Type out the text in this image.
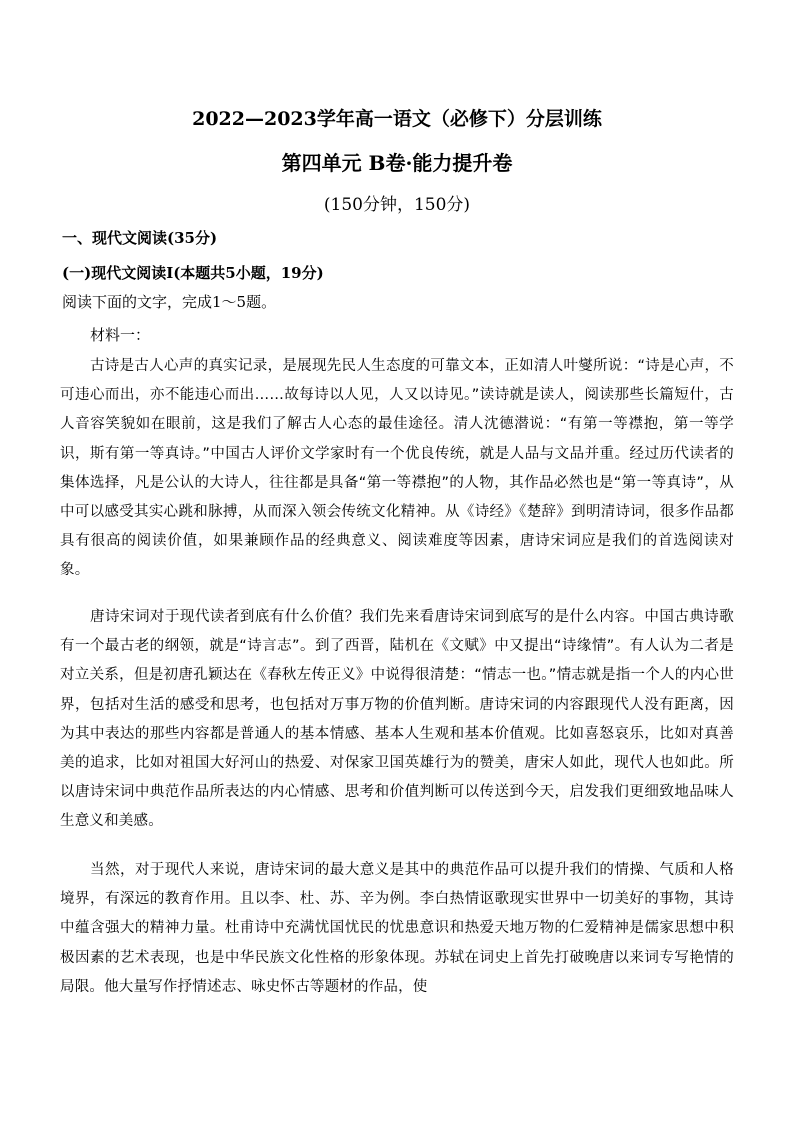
2022—2023学年高一语文（必修下）分层训练
第四单元 B卷·能力提升卷
(150分钟，150分)
一、现代文阅读(35分)
(一)现代文阅读Ⅰ(本题共5小题，19分)
阅读下面的文字，完成1～5题。
材料一：

古诗是古人心声的真实记录，是展现先民人生态度的可靠文本，正如清人叶燮所说：“诗是心声，不可违心而出，亦不能违心而出……故每诗以人见，人又以诗见。”读诗就是读人，阅读那些长篇短什，古人音容笑貌如在眼前，这是我们了解古人心态的最佳途径。清人沈德潜说：“有第一等襟抱，第一等学识，斯有第一等真诗。”中国古人评价文学家时有一个优良传统，就是人品与文品并重。经过历代读者的集体选择，凡是公认的大诗人，往往都是具备“第一等襟抱”的人物，其作品必然也是“第一等真诗”，从中可以感受其实心跳和脉搏，从而深入领会传统文化精神。从《诗经》《楚辞》到明清诗词，很多作品都具有很高的阅读价值，如果兼顾作品的经典意义、阅读难度等因素，唐诗宋词应是我们的首选阅读对象。

唐诗宋词对于现代读者到底有什么价值？我们先来看唐诗宋词到底写的是什么内容。中国古典诗歌有一个最古老的纲领，就是“诗言志”。到了西晋，陆机在《文赋》中又提出“诗缘情”。有人认为二者是对立关系，但是初唐孔颖达在《春秋左传正义》中说得很清楚：“情志一也。”情志就是指一个人的内心世界，包括对生活的感受和思考，也包括对万事万物的价值判断。唐诗宋词的内容跟现代人没有距离，因为其中表达的那些内容都是普通人的基本情感、基本人生观和基本价值观。比如喜怒哀乐，比如对真善美的追求，比如对祖国大好河山的热爱、对保家卫国英雄行为的赞美，唐宋人如此，现代人也如此。所以唐诗宋词中典范作品所表达的内心情感、思考和价值判断可以传送到今天，启发我们更细致地品味人生意义和美感。

当然，对于现代人来说，唐诗宋词的最大意义是其中的典范作品可以提升我们的情操、气质和人格境界，有深远的教育作用。且以李、杜、苏、辛为例。李白热情讴歌现实世界中一切美好的事物，其诗中蕴含强大的精神力量。杜甫诗中充满忧国忧民的忧患意识和热爱天地万物的仁爱精神是儒家思想中积极因素的艺术表现，也是中华民族文化性格的形象体现。苏轼在词史上首先打破晚唐以来词专写艳情的局限。他大量写作抒情述志、咏史怀古等题材的作品，使
